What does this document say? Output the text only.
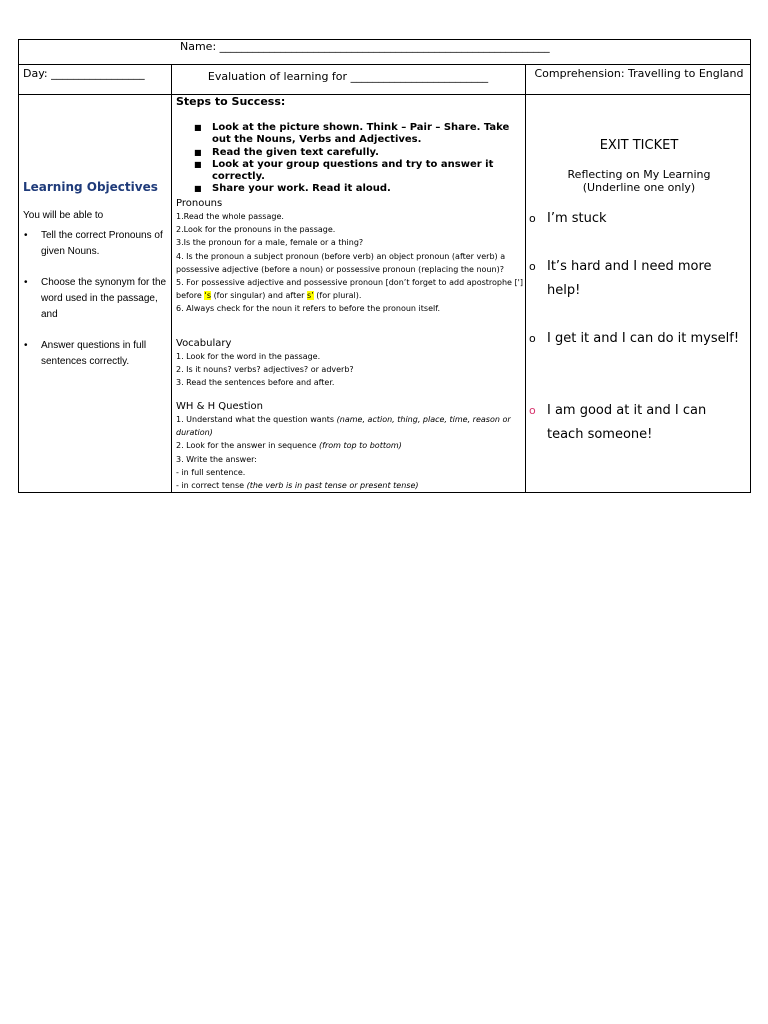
Name: ____________________________________________________________
Day: _________________	Evaluation of learning for _________________________	Comprehension: Travelling to England
Learning Objectives
You will be able to
• Tell the correct Pronouns of given Nouns.
• Choose the synonym for the word used in the passage, and
• Answer questions in full sentences correctly.
Steps to Success:
■ Look at the picture shown. Think – Pair – Share. Take out the Nouns, Verbs and Adjectives.
■ Read the given text carefully.
■ Look at your group questions and try to answer it correctly.
■ Share your work. Read it aloud.
Pronouns
1.Read the whole passage.
2.Look for the pronouns in the passage.
3.Is the pronoun for a male, female or a thing?
4. Is the pronoun a subject pronoun (before verb) an object pronoun (after verb) a possessive adjective (before a noun) or possessive pronoun (replacing the noun)?
5. For possessive adjective and possessive pronoun [don’t forget to add apostrophe ['] before ‘s (for singular) and after s’ (for plural).
6. Always check for the noun it refers to before the pronoun itself.
Vocabulary
1. Look for the word in the passage.
2. Is it nouns? verbs? adjectives? or adverb?
3. Read the sentences before and after.
WH & H Question
1. Understand what the question wants (name, action, thing, place, time, reason or duration)
2. Look for the answer in sequence (from top to bottom)
3. Write the answer:
- in full sentence.
- in correct tense (the verb is in past tense or present tense)
EXIT TICKET
Reflecting on My Learning
(Underline one only)
o I’m stuck
o It’s hard and I need more help!
o I get it and I can do it myself!
o I am good at it and I can teach someone!
